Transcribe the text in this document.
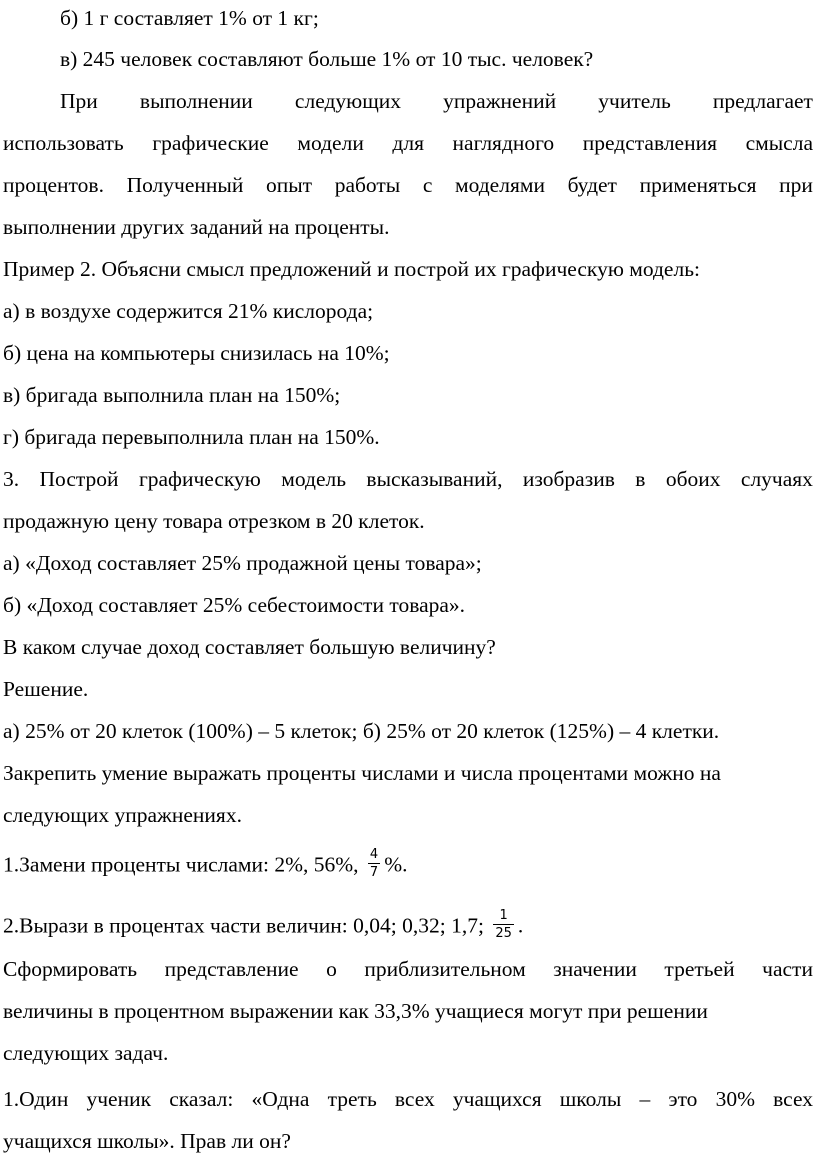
б) 1 г составляет 1% от 1 кг;
в) 245 человек составляют больше 1% от 10 тыс. человек?
При выполнении следующих упражнений учитель предлагает
использовать графические модели для наглядного представления смысла
процентов. Полученный опыт работы с моделями будет применяться при
выполнении других заданий на проценты.
Пример 2. Объясни смысл предложений и построй их графическую модель:
а) в воздухе содержится 21% кислорода;
б) цена на компьютеры снизилась на 10%;
в) бригада выполнила план на 150%;
г) бригада перевыполнила план на 150%.
3. Построй графическую модель высказываний, изобразив в обоих случаях
продажную цену товара отрезком в 20 клеток.
а) «Доход составляет 25% продажной цены товара»;
б) «Доход составляет 25% себестоимости товара».
В каком случае доход составляет большую величину?
Решение.
а) 25% от 20 клеток (100%) – 5 клеток; б) 25% от 20 клеток (125%) – 4 клетки.
Закрепить умение выражать проценты числами и числа процентами можно на
следующих упражнениях.
1.Замени проценты числами: 2%, 56%, $\frac{4}{7}$ %.
2.Вырази в процентах части величин: 0,04; 0,32; 1,7; $\frac{1}{25}$ .
Сформировать представление о приблизительном значении третьей части
величины в процентном выражении как 33,3% учащиеся могут при решении
следующих задач.
1.Один ученик сказал: «Одна треть всех учащихся школы – это 30% всех
учащихся школы». Прав ли он?
